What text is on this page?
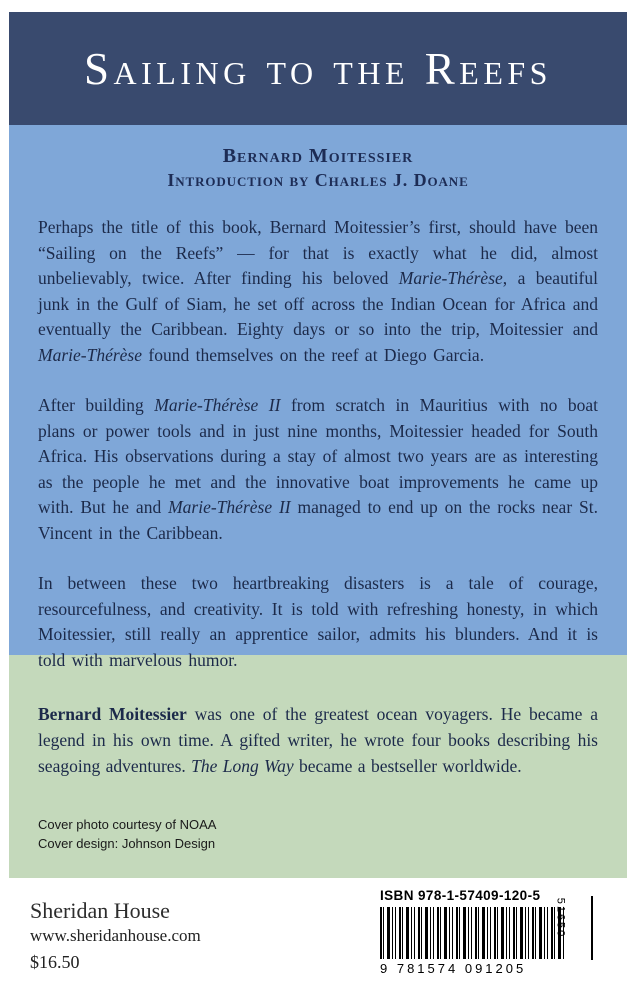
Sailing to the Reefs
Bernard Moitessier
Introduction by Charles J. Doane

Perhaps the title of this book, Bernard Moitessier’s first, should have been “Sailing on the Reefs” — for that is exactly what he did, almost unbelievably, twice. After finding his beloved Marie-Thérèse, a beautiful junk in the Gulf of Siam, he set off across the Indian Ocean for Africa and eventually the Caribbean. Eighty days or so into the trip, Moitessier and Marie-Thérèse found themselves on the reef at Diego Garcia.

After building Marie-Thérèse II from scratch in Mauritius with no boat plans or power tools and in just nine months, Moitessier headed for South Africa. His observations during a stay of almost two years are as interesting as the people he met and the innovative boat improvements he came up with. But he and Marie-Thérèse II managed to end up on the rocks near St. Vincent in the Caribbean.

In between these two heartbreaking disasters is a tale of courage, resourcefulness, and creativity. It is told with refreshing honesty, in which Moitessier, still really an apprentice sailor, admits his blunders. And it is told with marvelous humor.

Bernard Moitessier was one of the greatest ocean voyagers. He became a legend in his own time. A gifted writer, he wrote four books describing his seagoing adventures. The Long Way became a bestseller worldwide.

Cover photo courtesy of NOAA
Cover design: Johnson Design
Sheridan House
www.sheridanhouse.com
$16.50
ISBN 978-1-57409-120-5
9 781574 091205
51650
